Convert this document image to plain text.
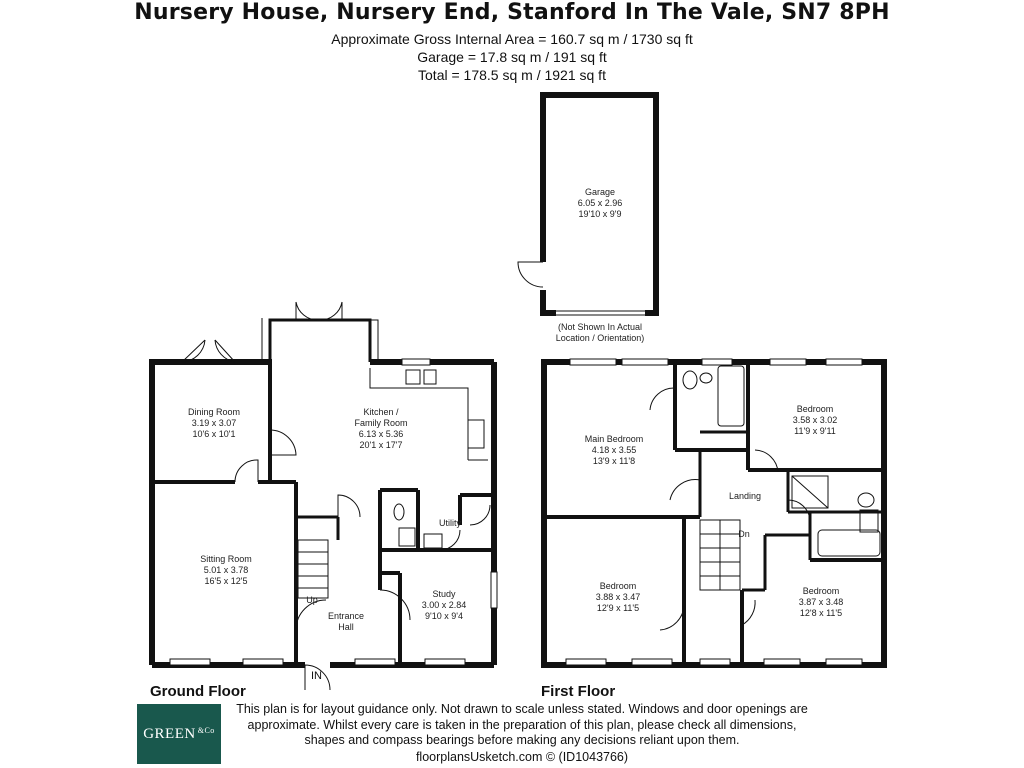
Nursery House, Nursery End, Stanford In The Vale, SN7 8PH
Approximate Gross Internal Area = 160.7 sq m / 1730 sq ft
Garage = 17.8 sq m / 191 sq ft
Total = 178.5 sq m / 1921 sq ft
Garage
6.05 x 2.96
19'10 x 9'9
(Not Shown In Actual
Location / Orientation)
Dining Room
3.19 x 3.07
10'6 x 10'1
Kitchen /
Family Room
6.13 x 5.36
20'1 x 17'7
Sitting Room
5.01 x 3.78
16'5 x 12'5
Utility
Study
3.00 x 2.84
9'10 x 9'4
Up
Entrance
Hall
Main Bedroom
4.18 x 3.55
13'9 x 11'8
Bedroom
3.58 x 3.02
11'9 x 9'11
Landing
Dn
Bedroom
3.88 x 3.47
12'9 x 11'5
Bedroom
3.87 x 3.48
12'8 x 11'5
IN
Ground Floor	First Floor
GREEN &Co
This plan is for layout guidance only. Not drawn to scale unless stated. Windows and door openings are approximate. Whilst every care is taken in the preparation of this plan, please check all dimensions, shapes and compass bearings before making any decisions reliant upon them.
floorplansUsketch.com © (ID1043766)
